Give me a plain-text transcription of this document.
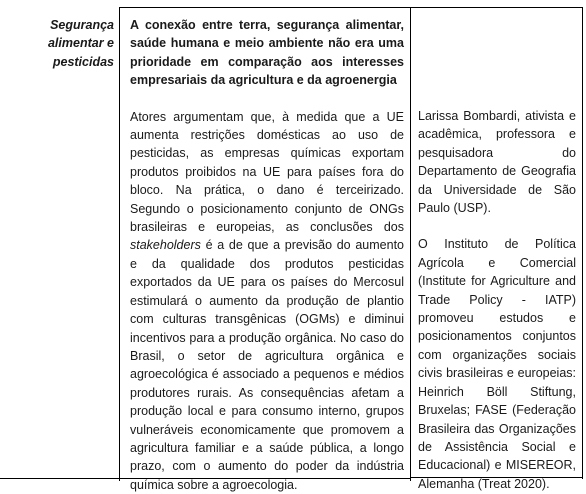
Segurança alimentar e pesticidas

A conexão entre terra, segurança alimentar, saúde humana e meio ambiente não era uma prioridade em comparação aos interesses empresariais da agricultura e da agroenergia

Atores argumentam que, à medida que a UE aumenta restrições domésticas ao uso de pesticidas, as empresas químicas exportam produtos proibidos na UE para países fora do bloco. Na prática, o dano é terceirizado. Segundo o posicionamento conjunto de ONGs brasileiras e europeias, as conclusões dos stakeholders é a de que a previsão do aumento e da qualidade dos produtos pesticidas exportados da UE para os países do Mercosul estimulará o aumento da produção de plantio com culturas transgênicas (OGMs) e diminui incentivos para a produção orgânica. No caso do Brasil, o setor de agricultura orgânica e agroecológica é associado a pequenos e médios produtores rurais. As consequências afetam a produção local e para consumo interno, grupos vulneráveis economicamente que promovem a agricultura familiar e a saúde pública, a longo prazo, com o aumento do poder da indústria química sobre a agroecologia.

Larissa Bombardi, ativista e acadêmica, professora e pesquisadora do Departamento de Geografia da Universidade de São Paulo (USP).

O Instituto de Política Agrícola e Comercial (Institute for Agriculture and Trade Policy - IATP) promoveu estudos e posicionamentos conjuntos com organizações sociais civis brasileiras e europeias: Heinrich Böll Stiftung, Bruxelas; FASE (Federação Brasileira das Organizações de Assistência Social e Educacional) e MISEREOR, Alemanha (Treat 2020).
